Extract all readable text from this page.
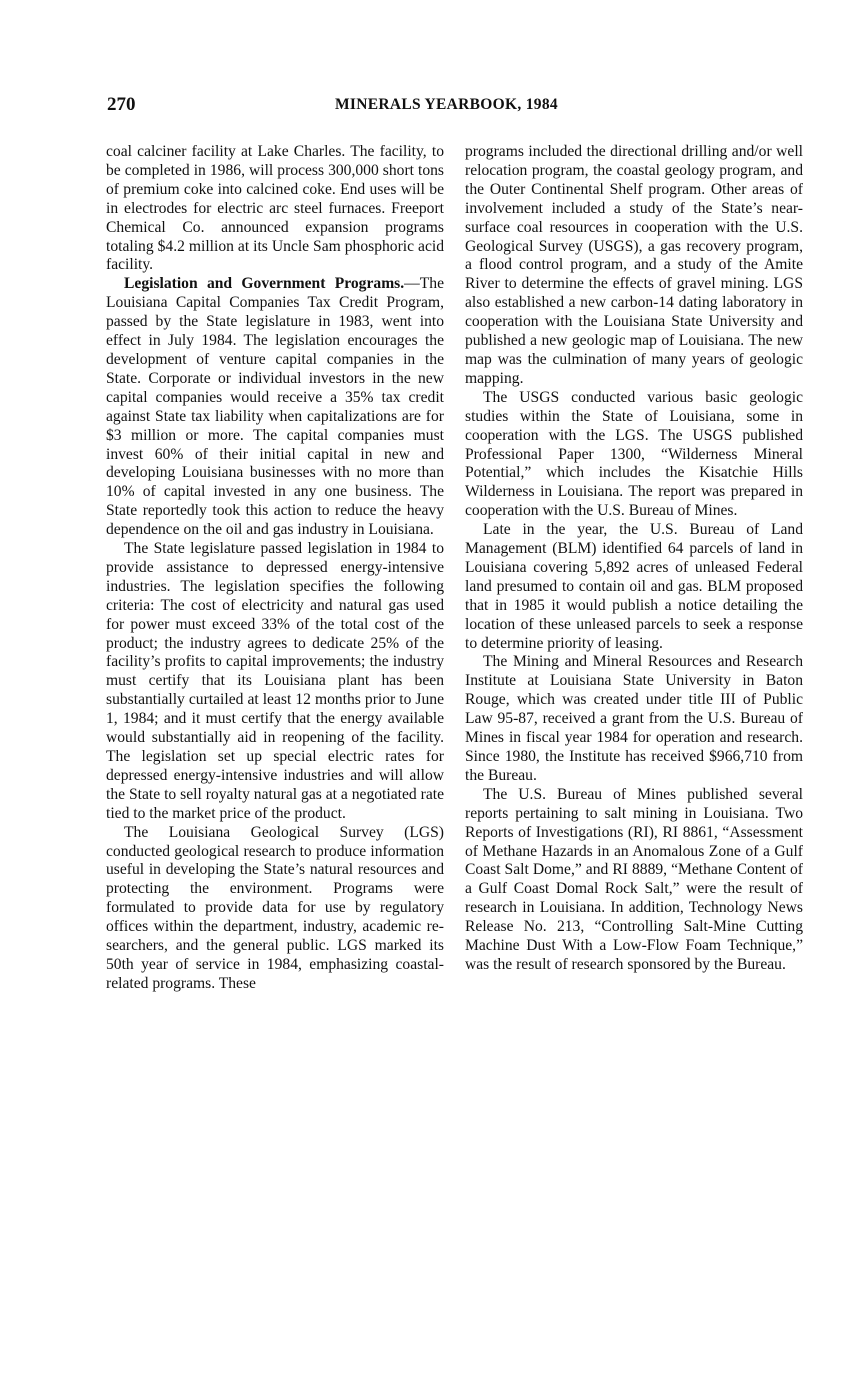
270	MINERALS YEARBOOK, 1984

coal calciner facility at Lake Charles. The facility, to be completed in 1986, will process 300,000 short tons of premium coke into calcined coke. End uses will be in electrodes for electric arc steel furnaces. Freeport Chemical Co. announced expansion programs totaling $4.2 million at its Uncle Sam phosphoric acid facility.

Legislation and Government Programs.—The Louisiana Capital Companies Tax Credit Program, passed by the State legislature in 1983, went into effect in July 1984. The legislation encourages the development of venture capital companies in the State. Corporate or individual investors in the new capital companies would receive a 35% tax credit against State tax liability when capitalizations are for $3 million or more. The capital companies must invest 60% of their initial capital in new and developing Louisiana businesses with no more than 10% of capital invested in any one business. The State reportedly took this action to reduce the heavy dependence on the oil and gas industry in Louisiana.

The State legislature passed legislation in 1984 to provide assistance to depressed energy-intensive industries. The legislation specifies the following criteria: The cost of electricity and natural gas used for power must exceed 33% of the total cost of the product; the industry agrees to dedicate 25% of the facility’s profits to capital improvements; the industry must certify that its Louisiana plant has been substantially curtailed at least 12 months prior to June 1, 1984; and it must certify that the energy available would substantially aid in reopening of the facility. The legislation set up special electric rates for depressed energy-intensive industries and will allow the State to sell royalty natural gas at a negotiated rate tied to the market price of the product.

The Louisiana Geological Survey (LGS) conducted geological research to produce information useful in developing the State’s natural resources and protecting the environment. Programs were formulated to provide data for use by regulatory offices within the department, industry, academic researchers, and the general public. LGS marked its 50th year of service in 1984, emphasizing coastal-related programs. These

programs included the directional drilling and/or well relocation program, the coastal geology program, and the Outer Continental Shelf program. Other areas of involvement included a study of the State’s near-surface coal resources in cooperation with the U.S. Geological Survey (USGS), a gas recovery program, a flood control program, and a study of the Amite River to determine the effects of gravel mining. LGS also established a new carbon-14 dating laboratory in cooperation with the Louisiana State University and published a new geologic map of Louisiana. The new map was the culmination of many years of geologic mapping.

The USGS conducted various basic geologic studies within the State of Louisiana, some in cooperation with the LGS. The USGS published Professional Paper 1300, “Wilderness Mineral Potential,” which includes the Kisatchie Hills Wilderness in Louisiana. The report was prepared in cooperation with the U.S. Bureau of Mines.

Late in the year, the U.S. Bureau of Land Management (BLM) identified 64 parcels of land in Louisiana covering 5,892 acres of unleased Federal land presumed to contain oil and gas. BLM proposed that in 1985 it would publish a notice detailing the location of these unleased parcels to seek a response to determine priority of leasing.

The Mining and Mineral Resources and Research Institute at Louisiana State University in Baton Rouge, which was created under title III of Public Law 95-87, received a grant from the U.S. Bureau of Mines in fiscal year 1984 for operation and research. Since 1980, the Institute has received $966,710 from the Bureau.

The U.S. Bureau of Mines published several reports pertaining to salt mining in Louisiana. Two Reports of Investigations (RI), RI 8861, “Assessment of Methane Hazards in an Anomalous Zone of a Gulf Coast Salt Dome,” and RI 8889, “Methane Content of a Gulf Coast Domal Rock Salt,” were the result of research in Louisiana. In addition, Technology News Release No. 213, “Controlling Salt-Mine Cutting Machine Dust With a Low-Flow Foam Technique,” was the result of research sponsored by the Bureau.
